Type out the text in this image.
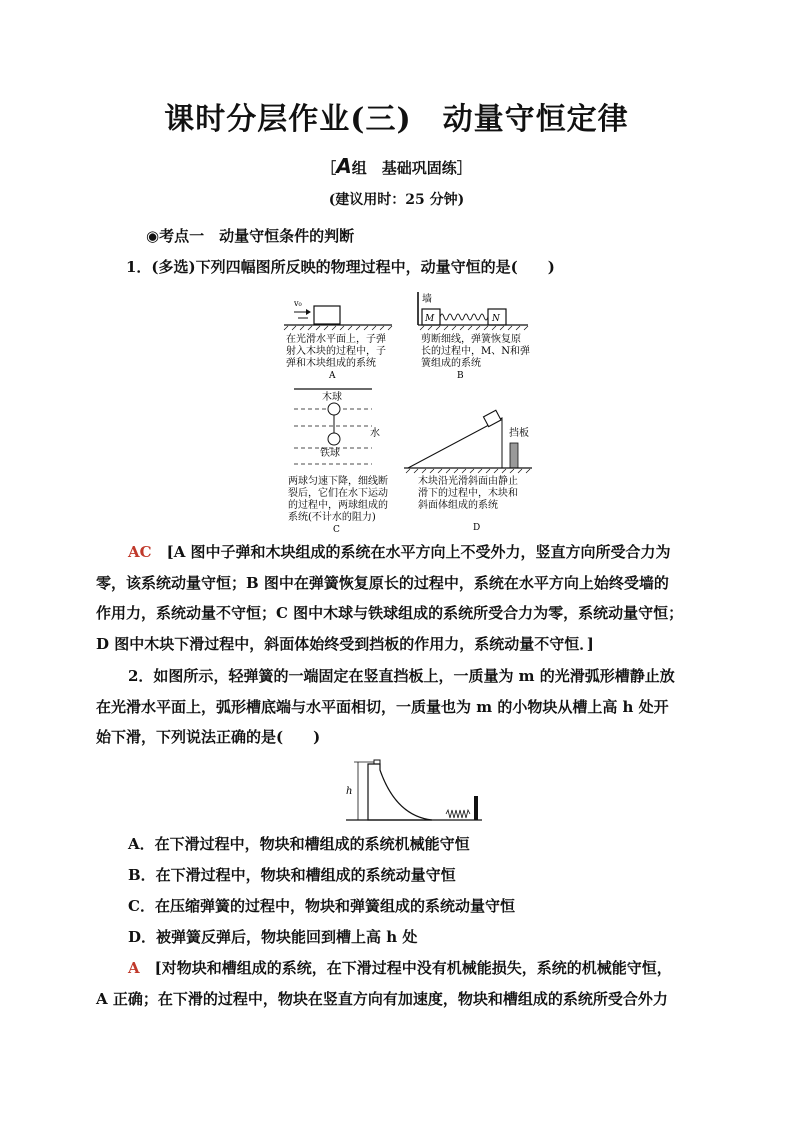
课时分层作业(三)　动量守恒定律
［A组　基础巩固练］
(建议用时：25 分钟)
◉考点一　动量守恒条件的判断
1．(多选)下列四幅图所反映的物理过程中，动量守恒的是(　　)
v₀
在光滑水平面上，子弹
射入木块的过程中，子
弹和木块组成的系统
A
墙
M	N
剪断细线，弹簧恢复原
长的过程中，M、N和弹
簧组成的系统
B
木球
水
铁球
两球匀速下降，细线断
裂后，它们在水下运动
的过程中，两球组成的
系统(不计水的阻力)
C
挡板
木块沿光滑斜面由静止
滑下的过程中，木块和
斜面体组成的系统
D
AC　 [A 图中子弹和木块组成的系统在水平方向上不受外力，竖直方向所受合力为
零，该系统动量守恒；B 图中在弹簧恢复原长的过程中，系统在水平方向上始终受墙的
作用力，系统动量不守恒；C 图中木球与铁球组成的系统所受合力为零，系统动量守恒；
D 图中木块下滑过程中，斜面体始终受到挡板的作用力，系统动量不守恒．]
2．如图所示，轻弹簧的一端固定在竖直挡板上，一质量为 m 的光滑弧形槽静止放
在光滑水平面上，弧形槽底端与水平面相切，一质量也为 m 的小物块从槽上高 h 处开
始下滑，下列说法正确的是(　　)
h
A．在下滑过程中，物块和槽组成的系统机械能守恒
B．在下滑过程中，物块和槽组成的系统动量守恒
C．在压缩弹簧的过程中，物块和弹簧组成的系统动量守恒
D．被弹簧反弹后，物块能回到槽上高 h 处
A　 [对物块和槽组成的系统，在下滑过程中没有机械能损失，系统的机械能守恒，
A 正确；在下滑的过程中，物块在竖直方向有加速度，物块和槽组成的系统所受合外力
